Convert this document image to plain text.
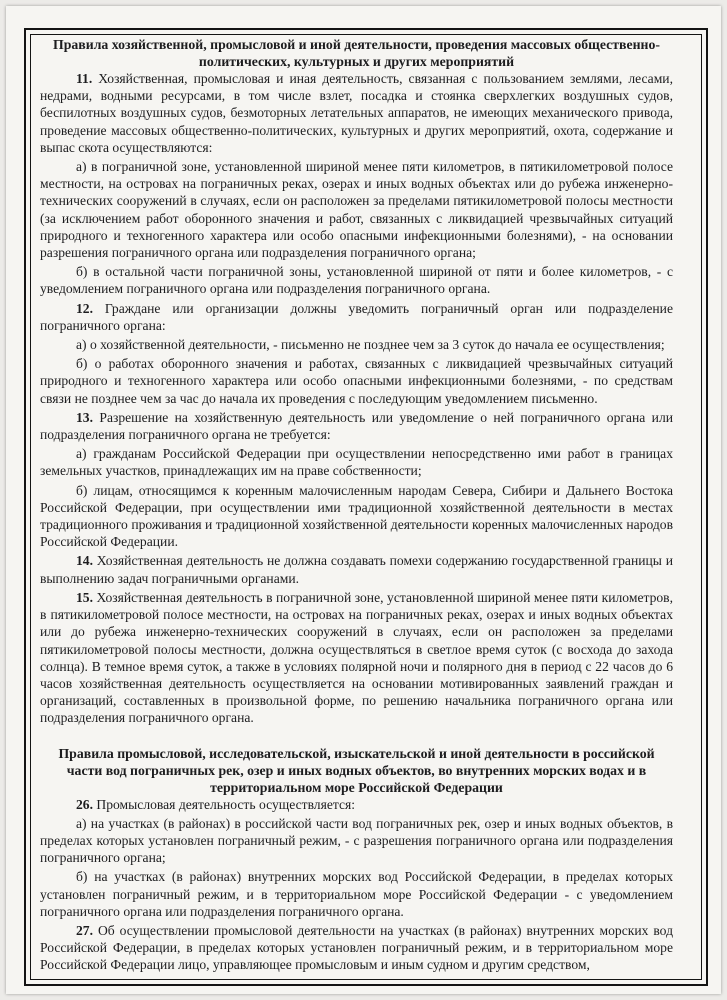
Правила хозяйственной, промысловой и иной деятельности, проведения массовых общественно-политических, культурных и других мероприятий

11. Хозяйственная, промысловая и иная деятельность, связанная с пользованием землями, лесами, недрами, водными ресурсами, в том числе взлет, посадка и стоянка сверхлегких воздушных судов, беспилотных воздушных судов, безмоторных летательных аппаратов, не имеющих механического привода, проведение массовых общественно-политических, культурных и других мероприятий, охота, содержание и выпас скота осуществляются:

а) в пограничной зоне, установленной шириной менее пяти километров, в пятикилометровой полосе местности, на островах на пограничных реках, озерах и иных водных объектах или до рубежа инженерно-технических сооружений в случаях, если он расположен за пределами пятикилометровой полосы местности (за исключением работ оборонного значения и работ, связанных с ликвидацией чрезвычайных ситуаций природного и техногенного характера или особо опасными инфекционными болезнями), - на основании разрешения пограничного органа или подразделения пограничного органа;

б) в остальной части пограничной зоны, установленной шириной от пяти и более километров, - с уведомлением пограничного органа или подразделения пограничного органа.

12. Граждане или организации должны уведомить пограничный орган или подразделение пограничного органа:

а) о хозяйственной деятельности, - письменно не позднее чем за 3 суток до начала ее осуществления;

б) о работах оборонного значения и работах, связанных с ликвидацией чрезвычайных ситуаций природного и техногенного характера или особо опасными инфекционными болезнями, - по средствам связи не позднее чем за час до начала их проведения с последующим уведомлением письменно.

13. Разрешение на хозяйственную деятельность или уведомление о ней пограничного органа или подразделения пограничного органа не требуется:

а) гражданам Российской Федерации при осуществлении непосредственно ими работ в границах земельных участков, принадлежащих им на праве собственности;

б) лицам, относящимся к коренным малочисленным народам Севера, Сибири и Дальнего Востока Российской Федерации, при осуществлении ими традиционной хозяйственной деятельности в местах традиционного проживания и традиционной хозяйственной деятельности коренных малочисленных народов Российской Федерации.

14. Хозяйственная деятельность не должна создавать помехи содержанию государственной границы и выполнению задач пограничными органами.

15. Хозяйственная деятельность в пограничной зоне, установленной шириной менее пяти километров, в пятикилометровой полосе местности, на островах на пограничных реках, озерах и иных водных объектах или до рубежа инженерно-технических сооружений в случаях, если он расположен за пределами пятикилометровой полосы местности, должна осуществляться в светлое время суток (с восхода до захода солнца). В темное время суток, а также в условиях полярной ночи и полярного дня в период с 22 часов до 6 часов хозяйственная деятельность осуществляется на основании мотивированных заявлений граждан и организаций, составленных в произвольной форме, по решению начальника пограничного органа или подразделения пограничного органа.

Правила промысловой, исследовательской, изыскательской и иной деятельности в российской части вод пограничных рек, озер и иных водных объектов, во внутренних морских водах и в территориальном море Российской Федерации

26. Промысловая деятельность осуществляется:

а) на участках (в районах) в российской части вод пограничных рек, озер и иных водных объектов, в пределах которых установлен пограничный режим, - с разрешения пограничного органа или подразделения пограничного органа;

б) на участках (в районах) внутренних морских вод Российской Федерации, в пределах которых установлен пограничный режим, и в территориальном море Российской Федерации - с уведомлением пограничного органа или подразделения пограничного органа.

27. Об осуществлении промысловой деятельности на участках (в районах) внутренних морских вод Российской Федерации, в пределах которых установлен пограничный режим, и в территориальном море Российской Федерации лицо, управляющее промысловым и иным судном и другим средством,
